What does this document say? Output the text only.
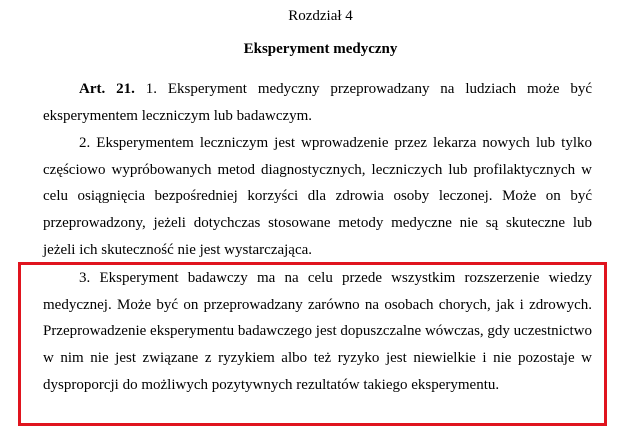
Rozdział 4
Eksperyment medyczny

Art. 21. 1. Eksperyment medyczny przeprowadzany na ludziach może być eksperymentem leczniczym lub badawczym.

2. Eksperymentem leczniczym jest wprowadzenie przez lekarza nowych lub tylko częściowo wypróbowanych metod diagnostycznych, leczniczych lub profilaktycznych w celu osiągnięcia bezpośredniej korzyści dla zdrowia osoby leczonej. Może on być przeprowadzony, jeżeli dotychczas stosowane metody medyczne nie są skuteczne lub jeżeli ich skuteczność nie jest wystarczająca.

3. Eksperyment badawczy ma na celu przede wszystkim rozszerzenie wiedzy medycznej. Może być on przeprowadzany zarówno na osobach chorych, jak i zdrowych. Przeprowadzenie eksperymentu badawczego jest dopuszczalne wówczas, gdy uczestnictwo w nim nie jest związane z ryzykiem albo też ryzyko jest niewielkie i nie pozostaje w dysproporcji do możliwych pozytywnych rezultatów takiego eksperymentu.
